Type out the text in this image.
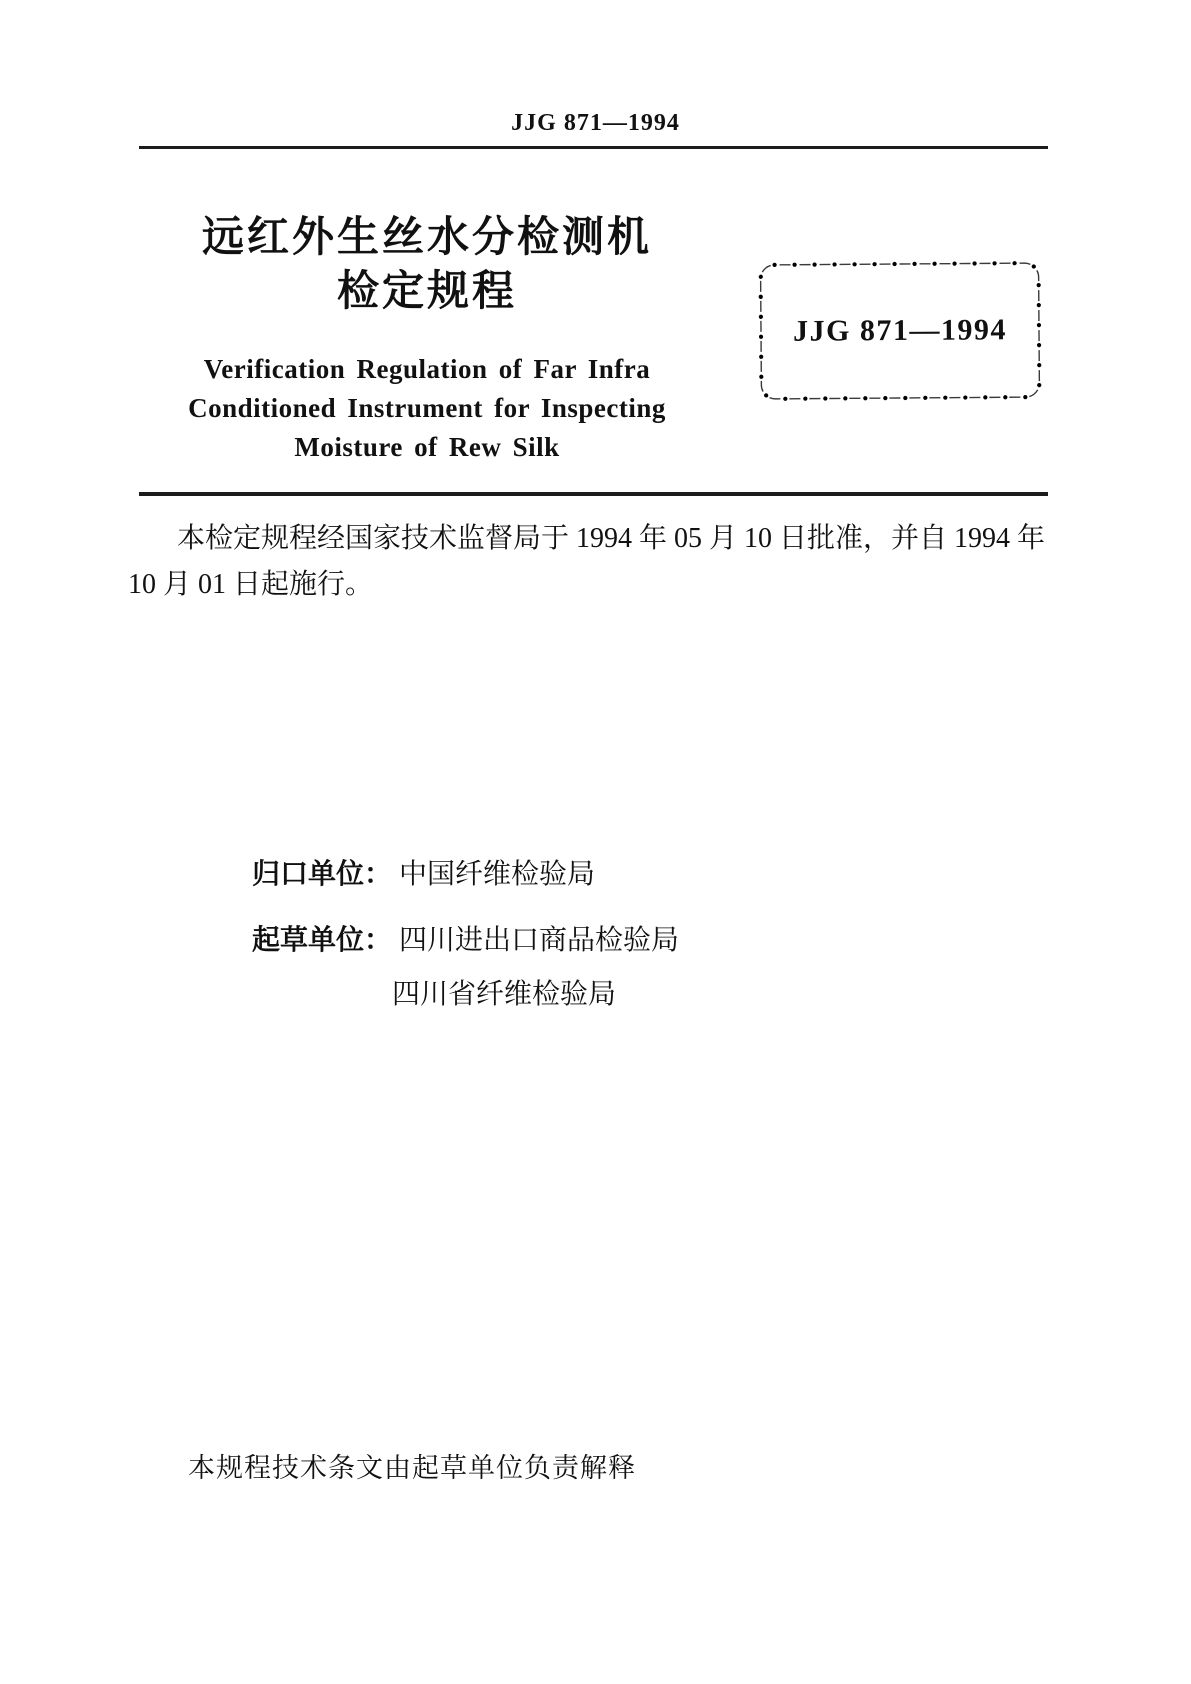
JJG 871—1994
远红外生丝水分检测机
检定规程
Verification Regulation of Far Infra
Conditioned Instrument for Inspecting
Moisture of Rew Silk
JJG 871—1994
本检定规程经国家技术监督局于 1994 年 05 月 10 日批准，并自 1994 年
10 月 01 日起施行。
归口单位： 中国纤维检验局
起草单位： 四川进出口商品检验局
四川省纤维检验局
本规程技术条文由起草单位负责解释
